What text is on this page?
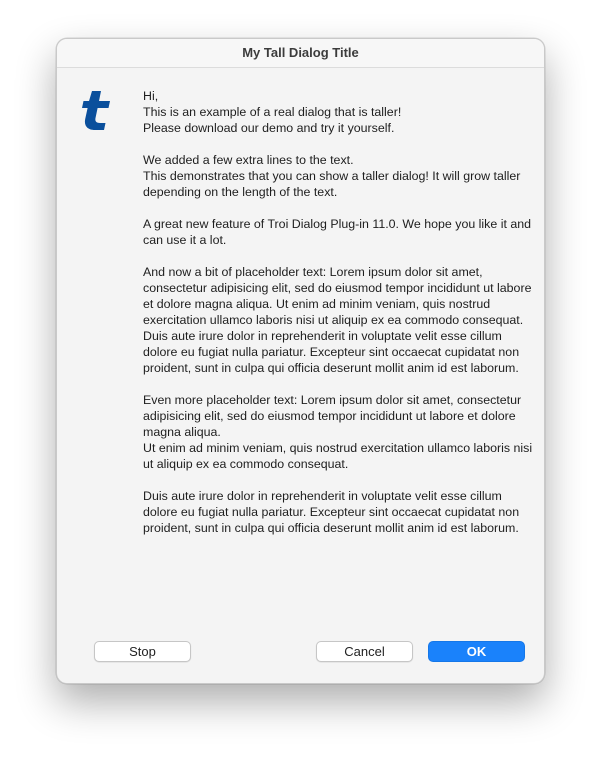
My Tall Dialog Title

Hi,
This is an example of a real dialog that is taller!
Please download our demo and try it yourself.

We added a few extra lines to the text.
This demonstrates that you can show a taller dialog! It will grow taller depending on the length of the text.

A great new feature of Troi Dialog Plug-in 11.0. We hope you like it and can use it a lot.

And now a bit of placeholder text: Lorem ipsum dolor sit amet, consectetur adipisicing elit, sed do eiusmod tempor incididunt ut labore et dolore magna aliqua. Ut enim ad minim veniam, quis nostrud exercitation ullamco laboris nisi ut aliquip ex ea commodo consequat.
Duis aute irure dolor in reprehenderit in voluptate velit esse cillum dolore eu fugiat nulla pariatur. Excepteur sint occaecat cupidatat non proident, sunt in culpa qui officia deserunt mollit anim id est laborum.

Even more placeholder text: Lorem ipsum dolor sit amet, consectetur adipisicing elit, sed do eiusmod tempor incididunt ut labore et dolore magna aliqua.
Ut enim ad minim veniam, quis nostrud exercitation ullamco laboris nisi ut aliquip ex ea commodo consequat.

Duis aute irure dolor in reprehenderit in voluptate velit esse cillum dolore eu fugiat nulla pariatur. Excepteur sint occaecat cupidatat non proident, sunt in culpa qui officia deserunt mollit anim id est laborum.

Stop	Cancel	OK
